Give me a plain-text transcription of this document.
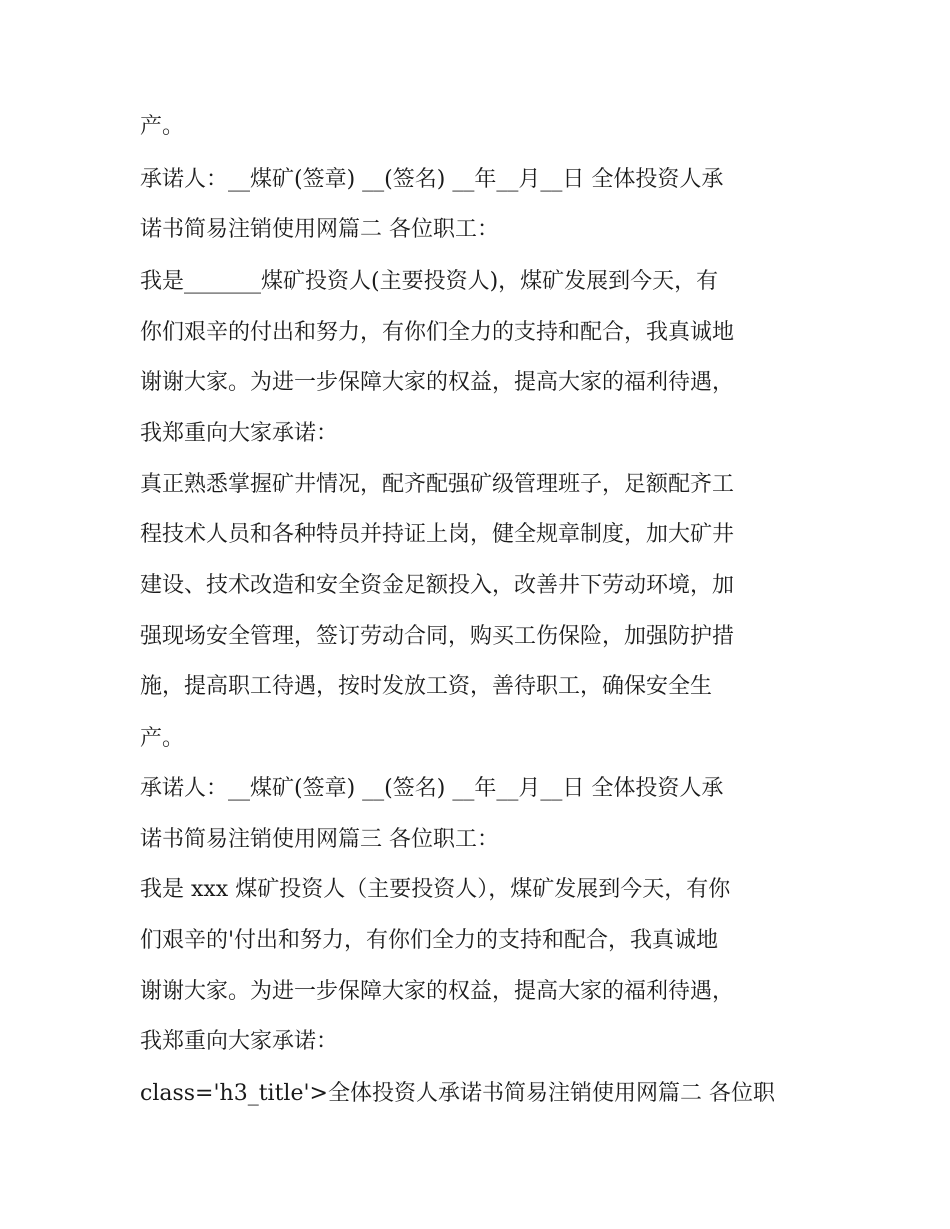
产。
承诺人：__煤矿(签章) __(签名) __年__月__日 全体投资人承
诺书简易注销使用网篇二 各位职工：
我是_______煤矿投资人(主要投资人)，煤矿发展到今天，有
你们艰辛的付出和努力，有你们全力的支持和配合，我真诚地
谢谢大家。为进一步保障大家的权益，提高大家的福利待遇，
我郑重向大家承诺：
真正熟悉掌握矿井情况，配齐配强矿级管理班子，足额配齐工
程技术人员和各种特员并持证上岗，健全规章制度，加大矿井
建设、技术改造和安全资金足额投入，改善井下劳动环境，加
强现场安全管理，签订劳动合同，购买工伤保险，加强防护措
施，提高职工待遇，按时发放工资，善待职工，确保安全生
产。
承诺人：__煤矿(签章) __(签名) __年__月__日 全体投资人承
诺书简易注销使用网篇三 各位职工：
我是 xxx 煤矿投资人（主要投资人），煤矿发展到今天，有你
们艰辛的'付出和努力，有你们全力的支持和配合，我真诚地
谢谢大家。为进一步保障大家的权益，提高大家的福利待遇，
我郑重向大家承诺：
class='h3_title'>全体投资人承诺书简易注销使用网篇二 各位职
